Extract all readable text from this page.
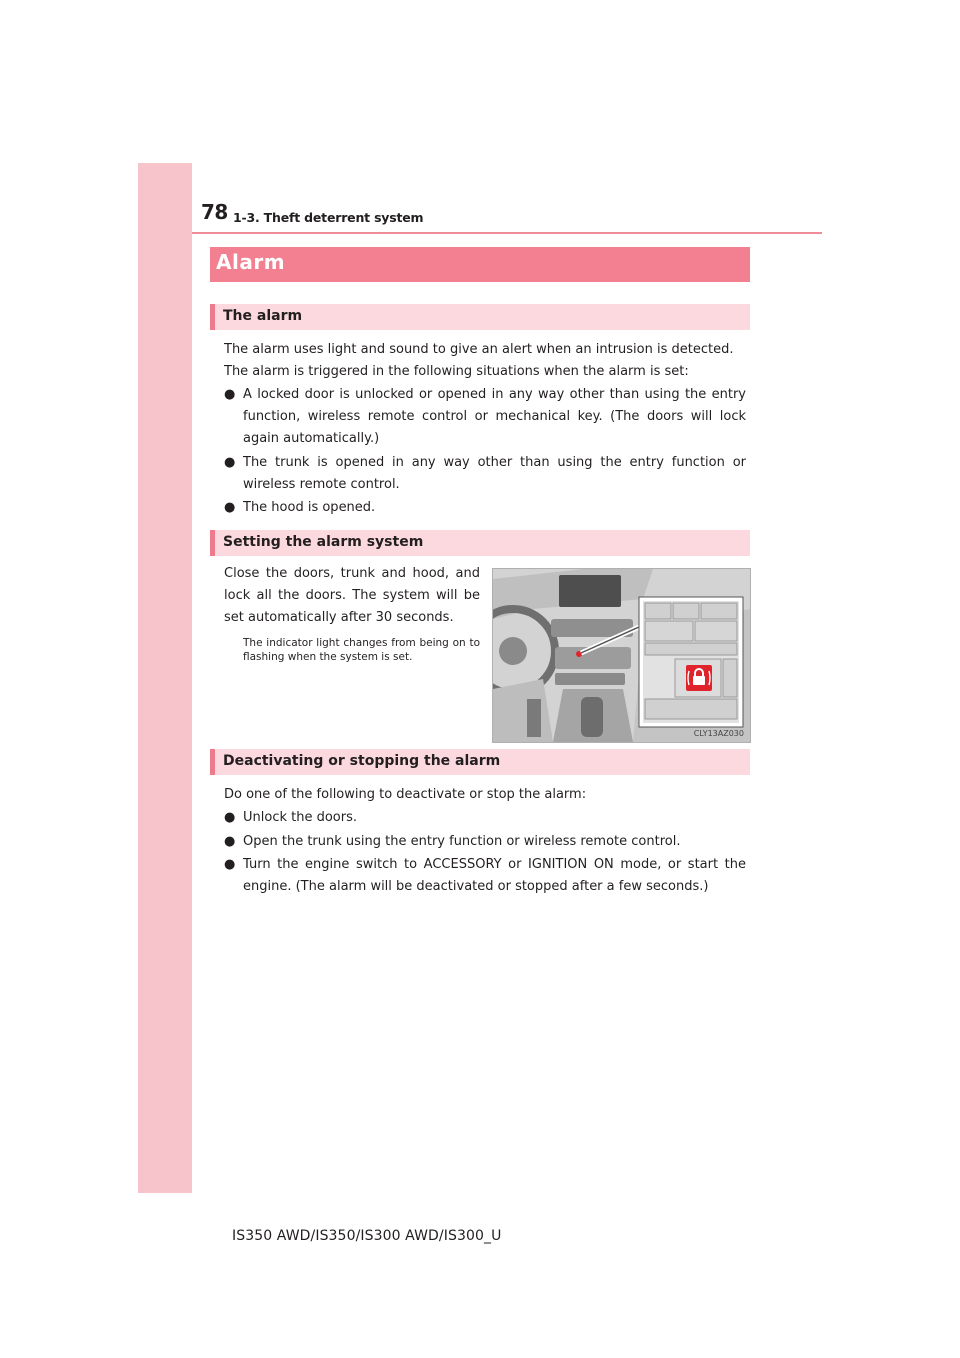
78 1-3. Theft deterrent system
Alarm
The alarm
The alarm uses light and sound to give an alert when an intrusion is detected.
The alarm is triggered in the following situations when the alarm is set:
● A locked door is unlocked or opened in any way other than using the entry function, wireless remote control or mechanical key. (The doors will lock again automatically.)
● The trunk is opened in any way other than using the entry function or wireless remote control.
● The hood is opened.
Setting the alarm system
Close the doors, trunk and hood, and lock all the doors. The system will be set automatically after 30 seconds.
The indicator light changes from being on to flashing when the system is set.
CLY13AZ030
Deactivating or stopping the alarm
Do one of the following to deactivate or stop the alarm:
● Unlock the doors.
● Open the trunk using the entry function or wireless remote control.
● Turn the engine switch to ACCESSORY or IGNITION ON mode, or start the engine. (The alarm will be deactivated or stopped after a few seconds.)
IS350 AWD/IS350/IS300 AWD/IS300_U
